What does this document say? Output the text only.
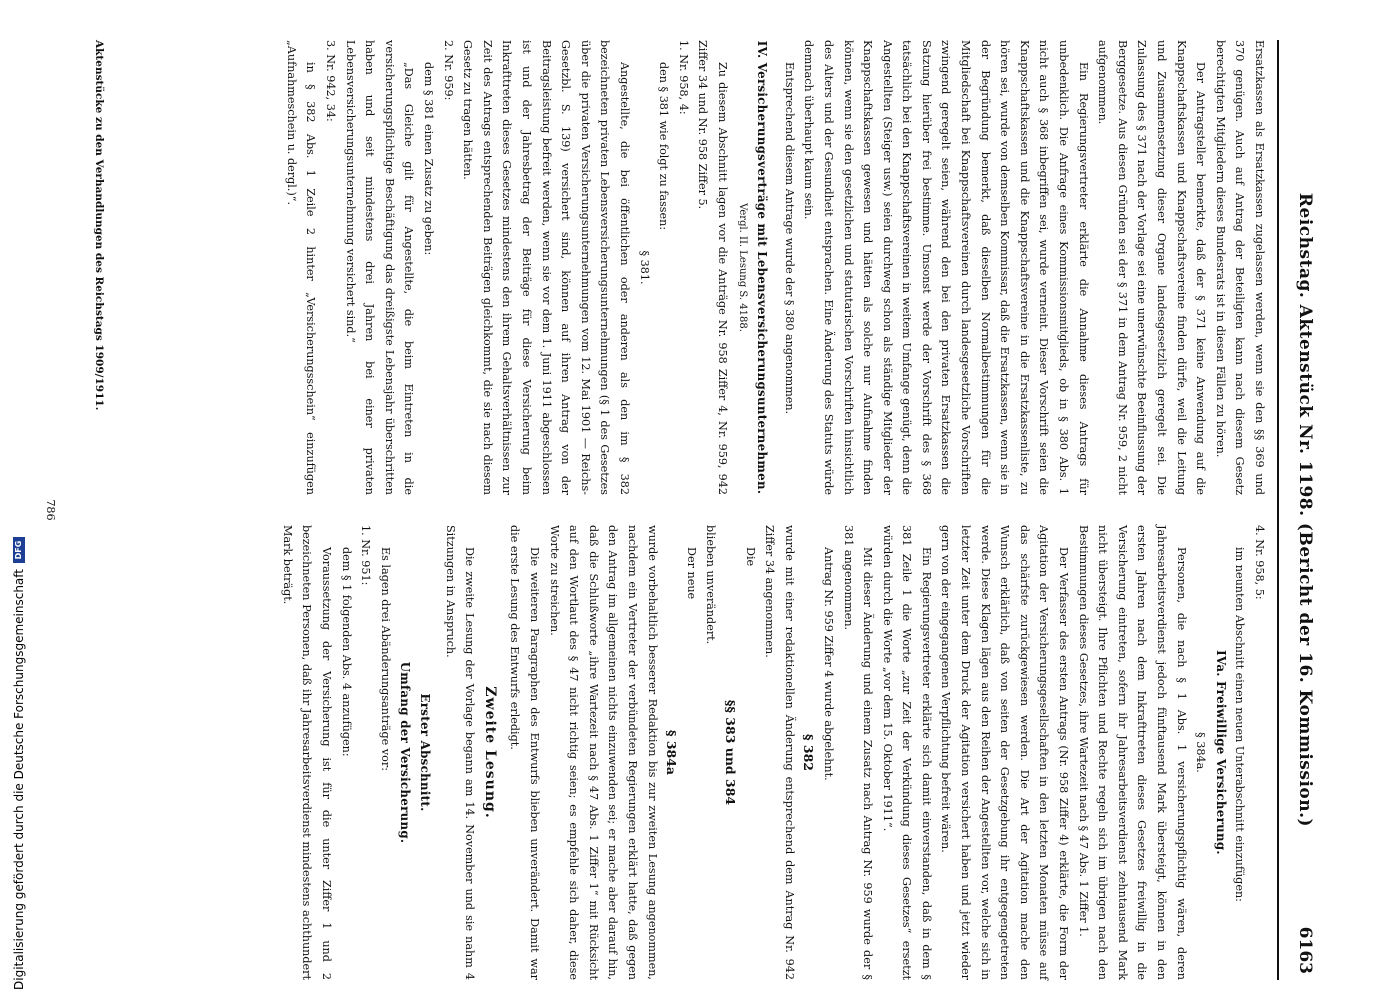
Reichstag. Aktenstück Nr. 1198. (Bericht der 16. Kommission.)
6163

Ersatzkassen als Ersatzkassen zugelassen werden, wenn sie den §§ 369 und 370 genügen. Auch auf Antrag der Beteiligten kann nach diesem Gesetz berechtigten Mitgliedern dieses Bundesrats ist in diesen Fällen zu hören.

Der Antragsteller bemerkte, daß der § 371 keine Anwendung auf die Knappschaftskassen und Knappschaftsvereine finden dürfe, weil die Leitung und Zusammensetzung dieser Organe landesgesetzlich geregelt sei. Die Zulassung des § 371 nach der Vorlage sei eine unerwünschte Beeinflussung der Berggesetze. Aus diesen Gründen sei der § 371 in dem Antrag Nr. 959, 2 nicht aufgenommen.

Ein Regierungsvertreter erklärte die Annahme dieses Antrags für unbedenklich. Die Anfrage eines Kommissionsmitglieds, ob in § 380 Abs. 1 nicht auch § 368 inbegriffen sei, wurde verneint. Dieser Vorschrift seien die Knappschaftskassen und die Knappschaftsvereine in die Ersatzkassenliste, zu hören sei, wurde von demselben Kommissar, daß die Ersatzkassen, wenn sie in der Begründung bemerkt, daß dieselben Normalbestimmungen für die Mitgliedschaft bei Knappschaftsvereinen durch landesgesetzliche Vorschriften zwingend geregelt seien, während den bei den privaten Ersatzkassen die Satzung hierüber frei bestimme. Umsonst werde der Vorschrift des § 368 tatsächlich bei den Knappschaftsvereinen in weitem Umfange genügt, denn die Angestellten (Steiger usw.) seien durchweg schon als ständige Mitglieder der Knappschaftskassen gewesen und hätten als solche nur Aufnahme finden können, wenn sie den gesetzlichen und statutarischen Vorschriften hinsichtlich des Alters und der Gesundheit entsprachen. Eine Änderung des Statuts würde demnach überhaupt kaum sein.

Entsprechend diesem Antrage wurde der § 380 angenommen.

IV. Versicherungsverträge mit Lebensversicherungsunternehmen.

Vergl. II. Lesung S. 4188.

Zu diesem Abschnitt lagen vor die Anträge Nr. 958 Ziffer 4, Nr. 959, 942 Ziffer 34 und Nr. 958 Ziffer 5.

1. Nr. 958, 4:

den § 381 wie folgt zu fassen:

§ 381.

Angestellte, die bei öffentlichen oder anderen als den im § 382 bezeichneten privaten Lebensversicherungsunternehmungen (§ 1 des Gesetzes über die privaten Versicherungsunternehmungen vom 12. Mai 1901 — Reichs-Gesetzbl. S. 139) versichert sind, können auf ihren Antrag von der Beitragsleistung befreit werden, wenn sie vor dem 1. Juni 1911 abgeschlossen ist und der Jahresbetrag der Beiträge für diese Versicherung beim Inkrafttreten dieses Gesetzes mindestens den ihrem Gehaltsverhältnissen zur Zeit des Antrags entsprechenden Beiträgen gleichkommt, die sie nach diesem Gesetz zu tragen hätten.

2. Nr. 959:

dem § 381 einen Zusatz zu geben:

„Das Gleiche gilt für Angestellte, die beim Eintreten in die versicherungspflichtige Beschäftigung das dreißigste Lebensjahr überschritten haben und seit mindestens drei Jahren bei einer privaten Lebensversicherungsunternehmung versichert sind.“

3. Nr. 942, 34:

in § 382 Abs. 1 Zeile 2 hinter „Versicherungsschein“ einzufügen „Aufnahmeschein u. dergl.)“.

4. Nr. 958, 5:

im neunten Abschnitt einen neuen Unterabschnitt einzufügen:

IVa. Freiwillige Versicherung.

§ 384a.

Personen, die nach § 1 Abs. 1 versicherungspflichtig wären, deren Jahresarbeitsverdienst jedoch fünftausend Mark übersteigt, können in den ersten Jahren nach dem Inkrafttreten dieses Gesetzes freiwillig in die Versicherung eintreten, sofern ihr Jahresarbeitsverdienst zehntausend Mark nicht übersteigt. Ihre Pflichten und Rechte regeln sich im übrigen nach den Bestimmungen dieses Gesetzes, ihre Wartezeit nach § 47 Abs. 1 Ziffer 1.

Der Verfasser des ersten Antrags (Nr. 958 Ziffer 4) erklärte, die Form der Agitation der Versicherungsgesellschaften in den letzten Monaten müsse auf das schärfste zurückgewiesen werden. Die Art der Agitation mache den Wunsch erklärlich, daß von seiten der Gesetzgebung ihr entgegengetreten werde. Diese Klagen lägen aus den Reihen der Angestellten vor, welche sich in letzter Zeit unter dem Druck der Agitation versichert haben und jetzt wieder gern von der eingegangenen Verpflichtung befreit wären.

Ein Regierungsvertreter erklärte sich damit einverstanden, daß in dem § 381 Zeile 1 die Worte „zur Zeit der Verkündung dieses Gesetzes“ ersetzt würden durch die Worte „vor dem 15. Oktober 1911“.

Mit dieser Änderung und einem Zusatz nach Antrag Nr. 959 wurde der § 381 angenommen.

Antrag Nr. 959 Ziffer 4 wurde abgelehnt.

§ 382

wurde mit einer redaktionellen Änderung entsprechend dem Antrag Nr. 942 Ziffer 34 angenommen.

Die

§§ 383 und 384

blieben unverändert.

Der neue

§ 384a

wurde vorbehaltlich besserer Redaktion bis zur zweiten Lesung angenommen, nachdem ein Vertreter der verbündeten Regierungen erklärt hatte, daß gegen den Antrag im allgemeinen nichts einzuwenden sei; er mache aber darauf hin, daß die Schlußworte „ihre Wartezeit nach § 47 Abs. 1 Ziffer 1“ mit Rücksicht auf den Wortlaut des § 47 nicht richtig seien; es empfehle sich daher, diese Worte zu streichen.

Die weiteren Paragraphen des Entwurfs blieben unverändert. Damit war die erste Lesung des Entwurfs erledigt.

Zweite Lesung.

Die zweite Lesung der Vorlage begann am 14. November und sie nahm 4 Sitzungen in Anspruch.

Erster Abschnitt.

Umfang der Versicherung.

Es lagen drei Abänderungsanträge vor:

1. Nr. 951:

dem § 1 folgenden Abs. 4 anzufügen:

Voraussetzung der Versicherung ist für die unter Ziffer 1 und 2 bezeichneten Personen, daß ihr Jahresarbeitsverdienst mindestens achthundert Mark beträgt.

Aktenstücke zu den Verhandlungen des Reichstags 1909/1911.
786
Digitalisierung gefördert durch die Deutsche Forschungsgemeinschaft
DFG
